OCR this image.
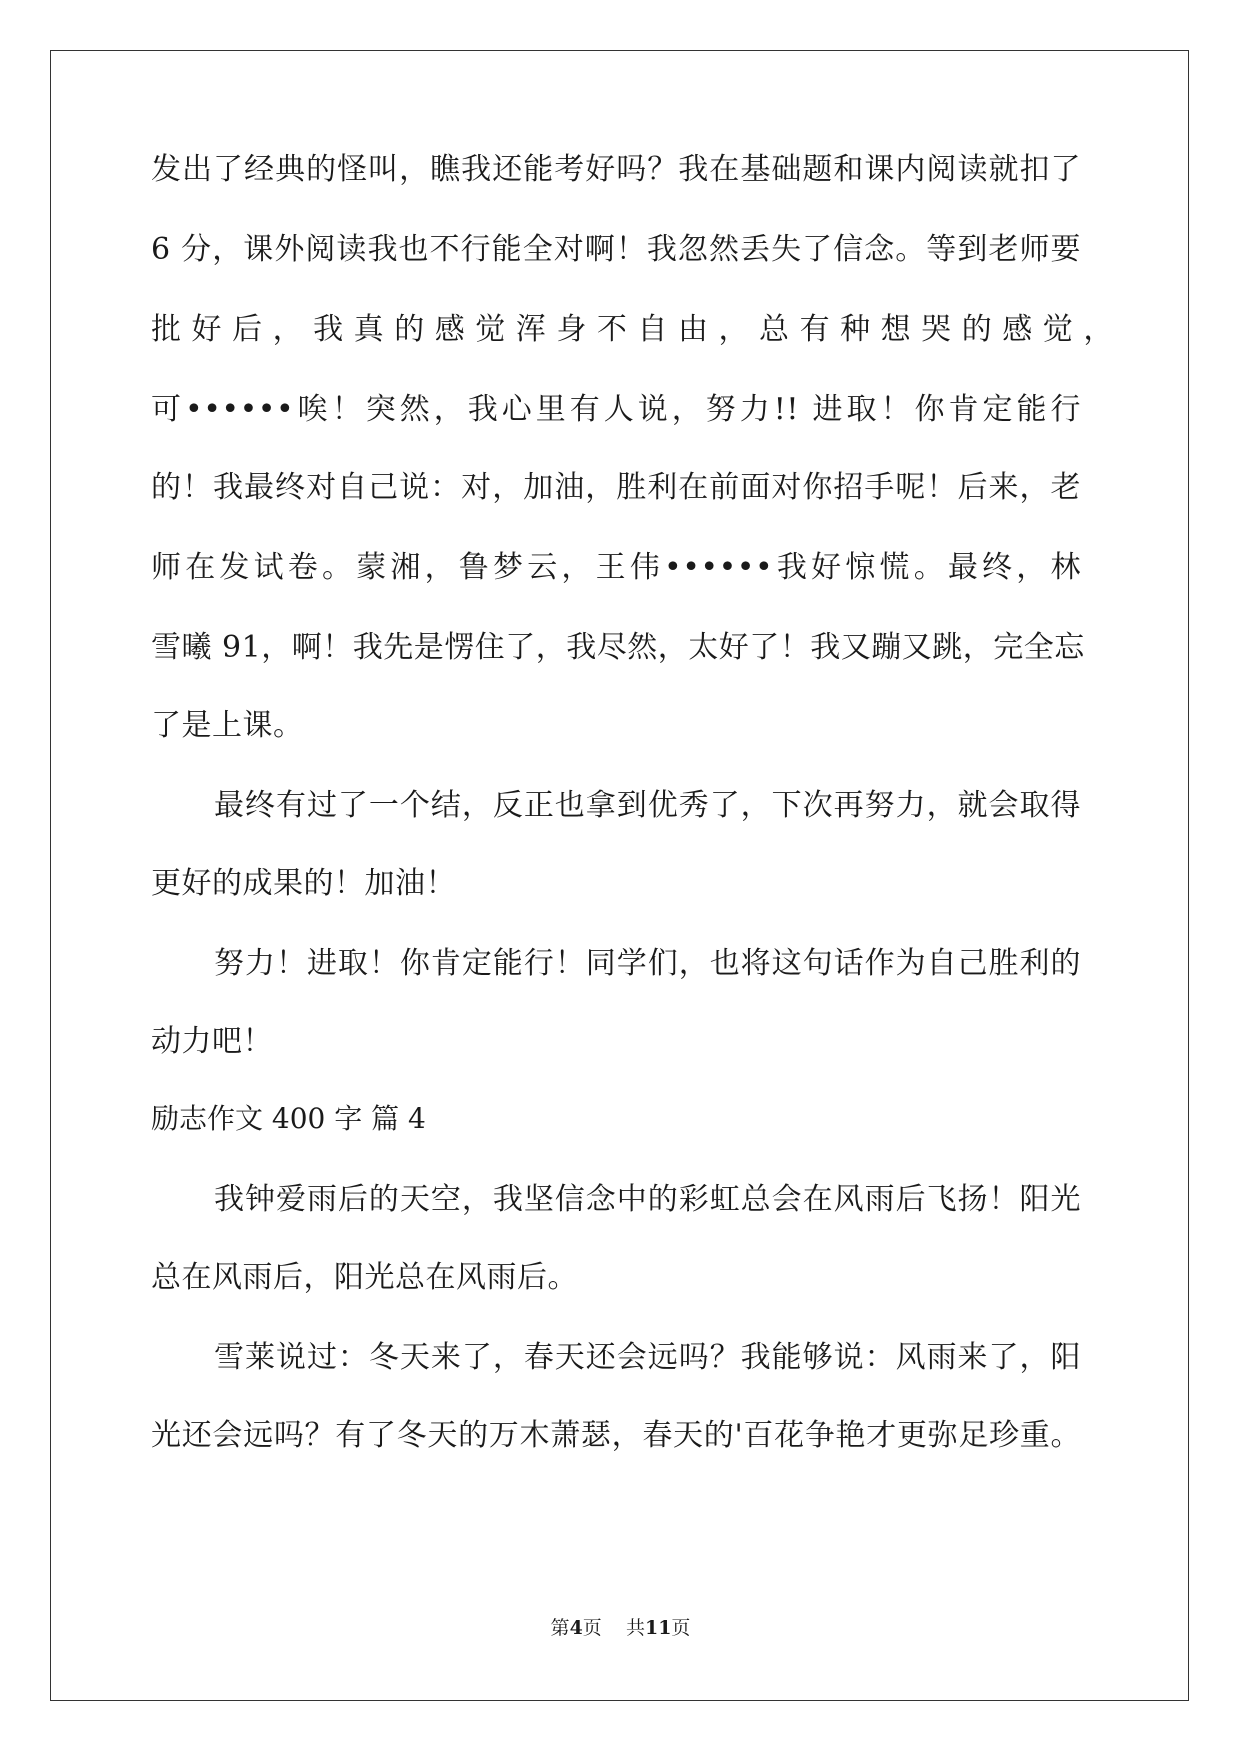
发出了经典的怪叫，瞧我还能考好吗？我在基础题和课内阅读就扣了
6 分，课外阅读我也不行能全对啊！我忽然丢失了信念。等到老师要
批 好 后 ， 我 真 的 感 觉 浑 身 不 自 由 ， 总 有 种 想 哭 的 感 觉 ，
可••••••唉！突然，我心里有人说，努力!! 进取！你肯定能行
的！我最终对自己说：对，加油，胜利在前面对你招手呢！后来，老
师在发试卷。蒙湘，鲁梦云，王伟••••••我好惊慌。最终，林
雪曦 91，啊！我先是愣住了，我尽然，太好了！我又蹦又跳，完全忘
了是上课。
最终有过了一个结，反正也拿到优秀了，下次再努力，就会取得
更好的成果的！加油！
努力！进取！你肯定能行！同学们，也将这句话作为自己胜利的
动力吧！
励志作文 400 字 篇 4
我钟爱雨后的天空，我坚信念中的彩虹总会在风雨后飞扬！阳光
总在风雨后，阳光总在风雨后。
雪莱说过：冬天来了，春天还会远吗？我能够说：风雨来了，阳
光还会远吗？有了冬天的万木萧瑟，春天的'百花争艳才更弥足珍重。
第4页    共11页
